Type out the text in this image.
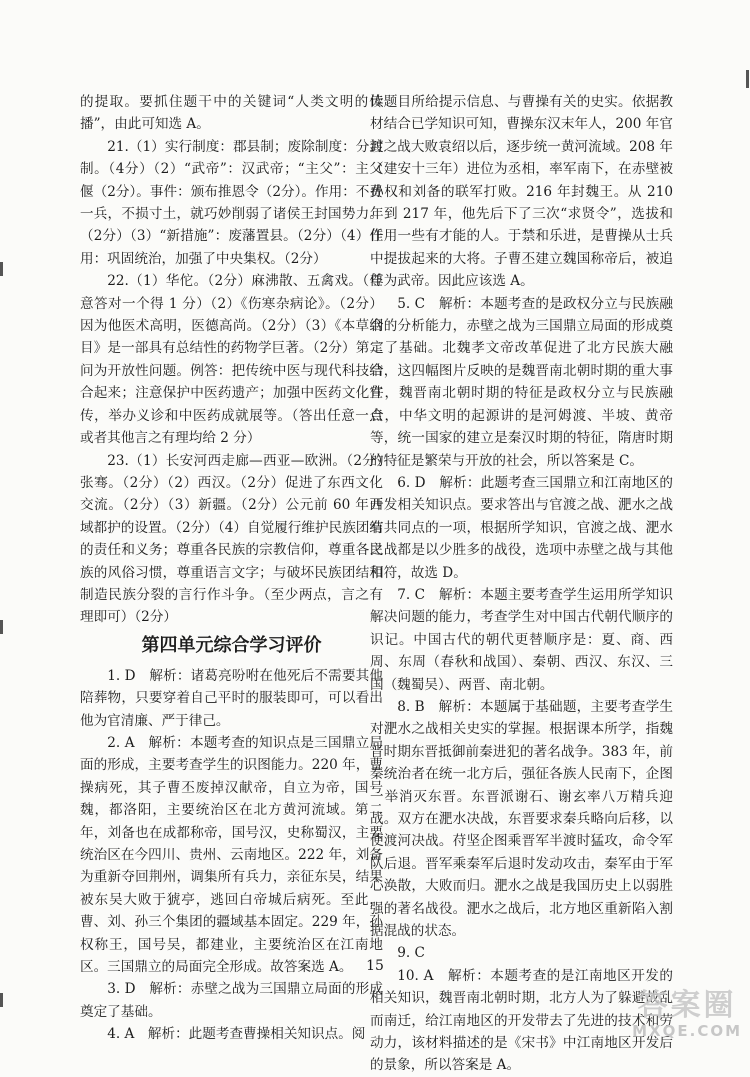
的提取。要抓住题干中的关键词“人类文明的传播”，由此可知选 A。

21.（1）实行制度：郡县制；废除制度：分封制。（4分）（2）“武帝”：汉武帝；“主父”：主父偃（2分）。事件：颁布推恩令（2分）。作用：不费一兵，不损寸土，就巧妙削弱了诸侯王封国势力。（2分）（3）“新措施”：废藩置县。（2分）（4）作用：巩固统治，加强了中央集权。（2分）

22.（1）华佗。（2分）麻沸散、五禽戏。（任意答对一个得 1 分）（2）《伤寒杂病论》。（2分）因为他医术高明，医德高尚。（2分）（3）《本草纲目》是一部具有总结性的药物学巨著。（2分）第二问为开放性问题。例答：把传统中医与现代科技结合起来；注意保护中医药遗产；加强中医药文化宣传，举办义诊和中医药成就展等。（答出任意一点或者其他言之有理均给 2 分）

23.（1）长安河西走廊—西亚—欧洲。（2分）张骞。（2分）（2）西汉。（2分）促进了东西文化交流。（2分）（3）新疆。（2分）公元前 60 年西域都护的设置。（2分）（4）自觉履行维护民族团结的责任和义务；尊重各民族的宗教信仰，尊重各民族的风俗习惯，尊重语言文字；与破坏民族团结和制造民族分裂的言行作斗争。（至少两点，言之有理即可）（2分）

第四单元综合学习评价

1. D　解析：诸葛亮吩咐在他死后不需要其他陪葬物，只要穿着自己平时的服装即可，可以看出他为官清廉、严于律己。

2. A　解析：本题考查的知识点是三国鼎立局面的形成，主要考查学生的识图能力。220 年，曹操病死，其子曹丕废掉汉献帝，自立为帝，国号魏，都洛阳，主要统治区在北方黄河流域。第二年，刘备也在成都称帝，国号汉，史称蜀汉，主要统治区在今四川、贵州、云南地区。222 年，刘备为重新夺回荆州，调集所有兵力，亲征东吴，结果被东吴大败于猇亭，逃回白帝城后病死。至此，曹、刘、孙三个集团的疆域基本固定。229 年，孙权称王，国号吴，都建业，主要统治区在江南地区。三国鼎立的局面完全形成。故答案选 A。

3. D　解析：赤壁之战为三国鼎立局面的形成奠定了基础。

4. A　解析：此题考查曹操相关知识点。阅

读题目所给提示信息、与曹操有关的史实。依据教材结合已学知识可知，曹操东汉末年人，200 年官渡之战大败袁绍以后，逐步统一黄河流域。208 年（建安十三年）进位为丞相，率军南下，在赤壁被孙权和刘备的联军打败。216 年封魏王。从 210 年到 217 年，他先后下了三次“求贤令”，选拔和任用一些有才能的人。于禁和乐进，是曹操从士兵中提拔起来的大将。子曹丕建立魏国称帝后，被追尊为武帝。因此应该选 A。

5. C　解析：本题考查的是政权分立与民族融合的分析能力，赤壁之战为三国鼎立局面的形成奠定了基础。北魏孝文帝改革促进了北方民族大融合，这四幅图片反映的是魏晋南北朝时期的重大事件，魏晋南北朝时期的特征是政权分立与民族融合，中华文明的起源讲的是河姆渡、半坡、黄帝等，统一国家的建立是秦汉时期的特征，隋唐时期的特征是繁荣与开放的社会，所以答案是 C。

6. D　解析：此题考查三国鼎立和江南地区的开发相关知识点。要求答出与官渡之战、淝水之战有共同点的一项，根据所学知识，官渡之战、淝水之战都是以少胜多的战役，选项中赤壁之战与其他相符，故选 D。

7. C　解析：本题主要考查学生运用所学知识解决问题的能力，考查学生对中国古代朝代顺序的识记。中国古代的朝代更替顺序是：夏、商、西周、东周（春秋和战国）、秦朝、西汉、东汉、三国（魏蜀吴）、两晋、南北朝。

8. B　解析：本题属于基础题，主要考查学生对淝水之战相关史实的掌握。根据课本所学，指魏晋时期东晋抵御前秦进犯的著名战争。383 年，前秦统治者在统一北方后，强征各族人民南下，企图一举消灭东晋。东晋派谢石、谢玄率八万精兵迎战。双方在淝水决战，东晋要求秦兵略向后移，以便渡河决战。苻坚企图乘晋军半渡时猛攻，命令军队后退。晋军乘秦军后退时发动攻击，秦军由于军心涣散，大败而归。淝水之战是我国历史上以弱胜强的著名战役。淝水之战后，北方地区重新陷入割据混战的状态。

9. C

10. A　解析：本题考查的是江南地区开发的相关知识，魏晋南北朝时期，北方人为了躲避战乱而南迁，给江南地区的开发带去了先进的技术和劳动力，该材料描述的是《宋书》中江南地区开发后的景象，所以答案是 A。

15
答案圈
MXQE.COM
